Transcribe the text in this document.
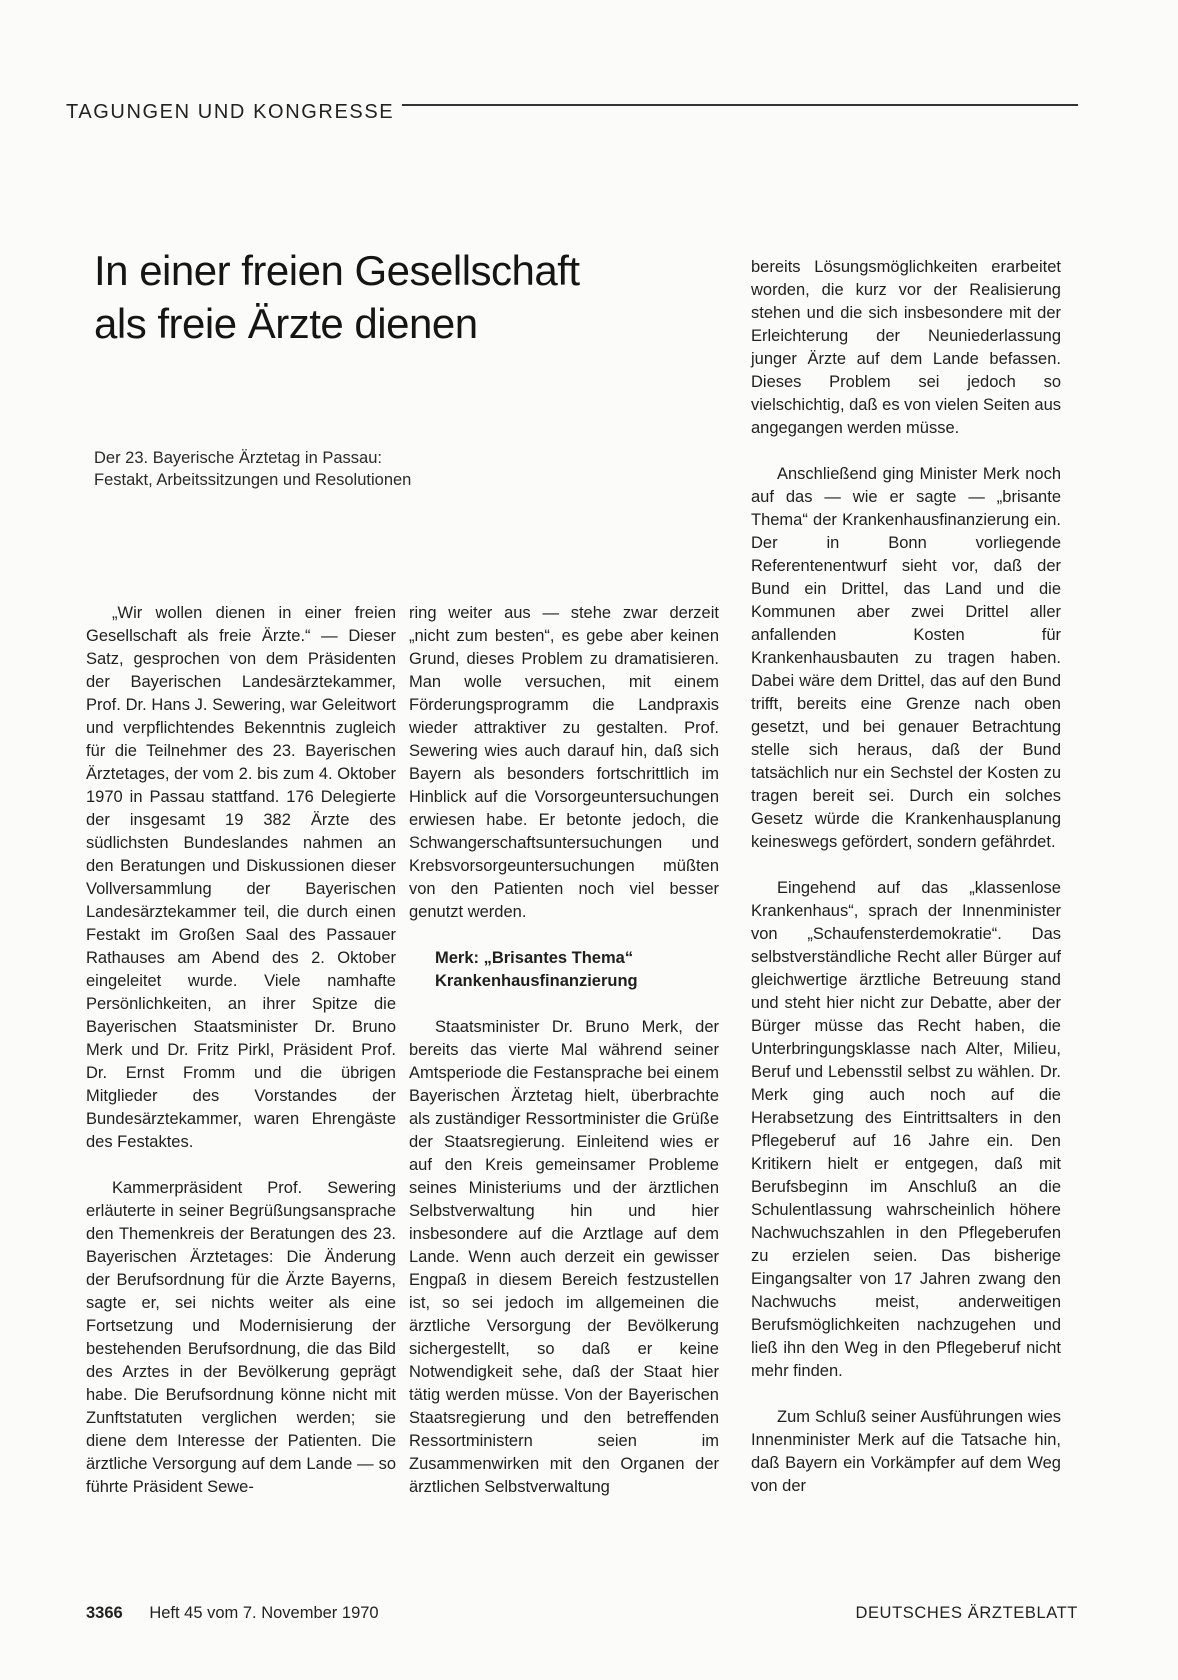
TAGUNGEN UND KONGRESSE
In einer freien Gesellschaft
als freie Ärzte dienen
Der 23. Bayerische Ärztetag in Passau:
Festakt, Arbeitssitzungen und Resolutionen

„Wir wollen dienen in einer freien Gesellschaft als freie Ärzte.“ — Dieser Satz, gesprochen von dem Präsidenten der Bayerischen Landesärztekammer, Prof. Dr. Hans J. Sewering, war Geleitwort und verpflichtendes Bekenntnis zugleich für die Teilnehmer des 23. Bayerischen Ärztetages, der vom 2. bis zum 4. Oktober 1970 in Passau stattfand. 176 Delegierte der insgesamt 19 382 Ärzte des südlichsten Bundeslandes nahmen an den Beratungen und Diskussionen dieser Vollversammlung der Bayerischen Landesärztekammer teil, die durch einen Festakt im Großen Saal des Passauer Rathauses am Abend des 2. Oktober eingeleitet wurde. Viele namhafte Persönlichkeiten, an ihrer Spitze die Bayerischen Staatsminister Dr. Bruno Merk und Dr. Fritz Pirkl, Präsident Prof. Dr. Ernst Fromm und die übrigen Mitglieder des Vorstandes der Bundesärztekammer, waren Ehrengäste des Festaktes.

Kammerpräsident Prof. Sewering erläuterte in seiner Begrüßungsansprache den Themenkreis der Beratungen des 23. Bayerischen Ärztetages: Die Änderung der Berufsordnung für die Ärzte Bayerns, sagte er, sei nichts weiter als eine Fortsetzung und Modernisierung der bestehenden Berufsordnung, die das Bild des Arztes in der Bevölkerung geprägt habe. Die Berufsordnung könne nicht mit Zunftstatuten verglichen werden; sie diene dem Interesse der Patienten. Die ärztliche Versorgung auf dem Lande — so führte Präsident Sewe-

ring weiter aus — stehe zwar derzeit „nicht zum besten“, es gebe aber keinen Grund, dieses Problem zu dramatisieren. Man wolle versuchen, mit einem Förderungsprogramm die Landpraxis wieder attraktiver zu gestalten. Prof. Sewering wies auch darauf hin, daß sich Bayern als besonders fortschrittlich im Hinblick auf die Vorsorgeuntersuchungen erwiesen habe. Er betonte jedoch, die Schwangerschaftsuntersuchungen und Krebsvorsorgeuntersuchungen müßten von den Patienten noch viel besser genutzt werden.

Merk: „Brisantes Thema“
Krankenhausfinanzierung

Staatsminister Dr. Bruno Merk, der bereits das vierte Mal während seiner Amtsperiode die Festansprache bei einem Bayerischen Ärztetag hielt, überbrachte als zuständiger Ressortminister die Grüße der Staatsregierung. Einleitend wies er auf den Kreis gemeinsamer Probleme seines Ministeriums und der ärztlichen Selbstverwaltung hin und hier insbesondere auf die Arztlage auf dem Lande. Wenn auch derzeit ein gewisser Engpaß in diesem Bereich festzustellen ist, so sei jedoch im allgemeinen die ärztliche Versorgung der Bevölkerung sichergestellt, so daß er keine Notwendigkeit sehe, daß der Staat hier tätig werden müsse. Von der Bayerischen Staatsregierung und den betreffenden Ressortministern seien im Zusammenwirken mit den Organen der ärztlichen Selbstverwaltung

bereits Lösungsmöglichkeiten erarbeitet worden, die kurz vor der Realisierung stehen und die sich insbesondere mit der Erleichterung der Neuniederlassung junger Ärzte auf dem Lande befassen. Dieses Problem sei jedoch so vielschichtig, daß es von vielen Seiten aus angegangen werden müsse.

Anschließend ging Minister Merk noch auf das — wie er sagte — „brisante Thema“ der Krankenhausfinanzierung ein. Der in Bonn vorliegende Referentenentwurf sieht vor, daß der Bund ein Drittel, das Land und die Kommunen aber zwei Drittel aller anfallenden Kosten für Krankenhausbauten zu tragen haben. Dabei wäre dem Drittel, das auf den Bund trifft, bereits eine Grenze nach oben gesetzt, und bei genauer Betrachtung stelle sich heraus, daß der Bund tatsächlich nur ein Sechstel der Kosten zu tragen bereit sei. Durch ein solches Gesetz würde die Krankenhausplanung keineswegs gefördert, sondern gefährdet.

Eingehend auf das „klassenlose Krankenhaus“, sprach der Innenminister von „Schaufensterdemokratie“. Das selbstverständliche Recht aller Bürger auf gleichwertige ärztliche Betreuung stand und steht hier nicht zur Debatte, aber der Bürger müsse das Recht haben, die Unterbringungsklasse nach Alter, Milieu, Beruf und Lebensstil selbst zu wählen. Dr. Merk ging auch noch auf die Herabsetzung des Eintrittsalters in den Pflegeberuf auf 16 Jahre ein. Den Kritikern hielt er entgegen, daß mit Berufsbeginn im Anschluß an die Schulentlassung wahrscheinlich höhere Nachwuchszahlen in den Pflegeberufen zu erzielen seien. Das bisherige Eingangsalter von 17 Jahren zwang den Nachwuchs meist, anderweitigen Berufsmöglichkeiten nachzugehen und ließ ihn den Weg in den Pflegeberuf nicht mehr finden.

Zum Schluß seiner Ausführungen wies Innenminister Merk auf die Tatsache hin, daß Bayern ein Vorkämpfer auf dem Weg von der

3366 Heft 45 vom 7. November 1970	DEUTSCHES ÄRZTEBLATT
